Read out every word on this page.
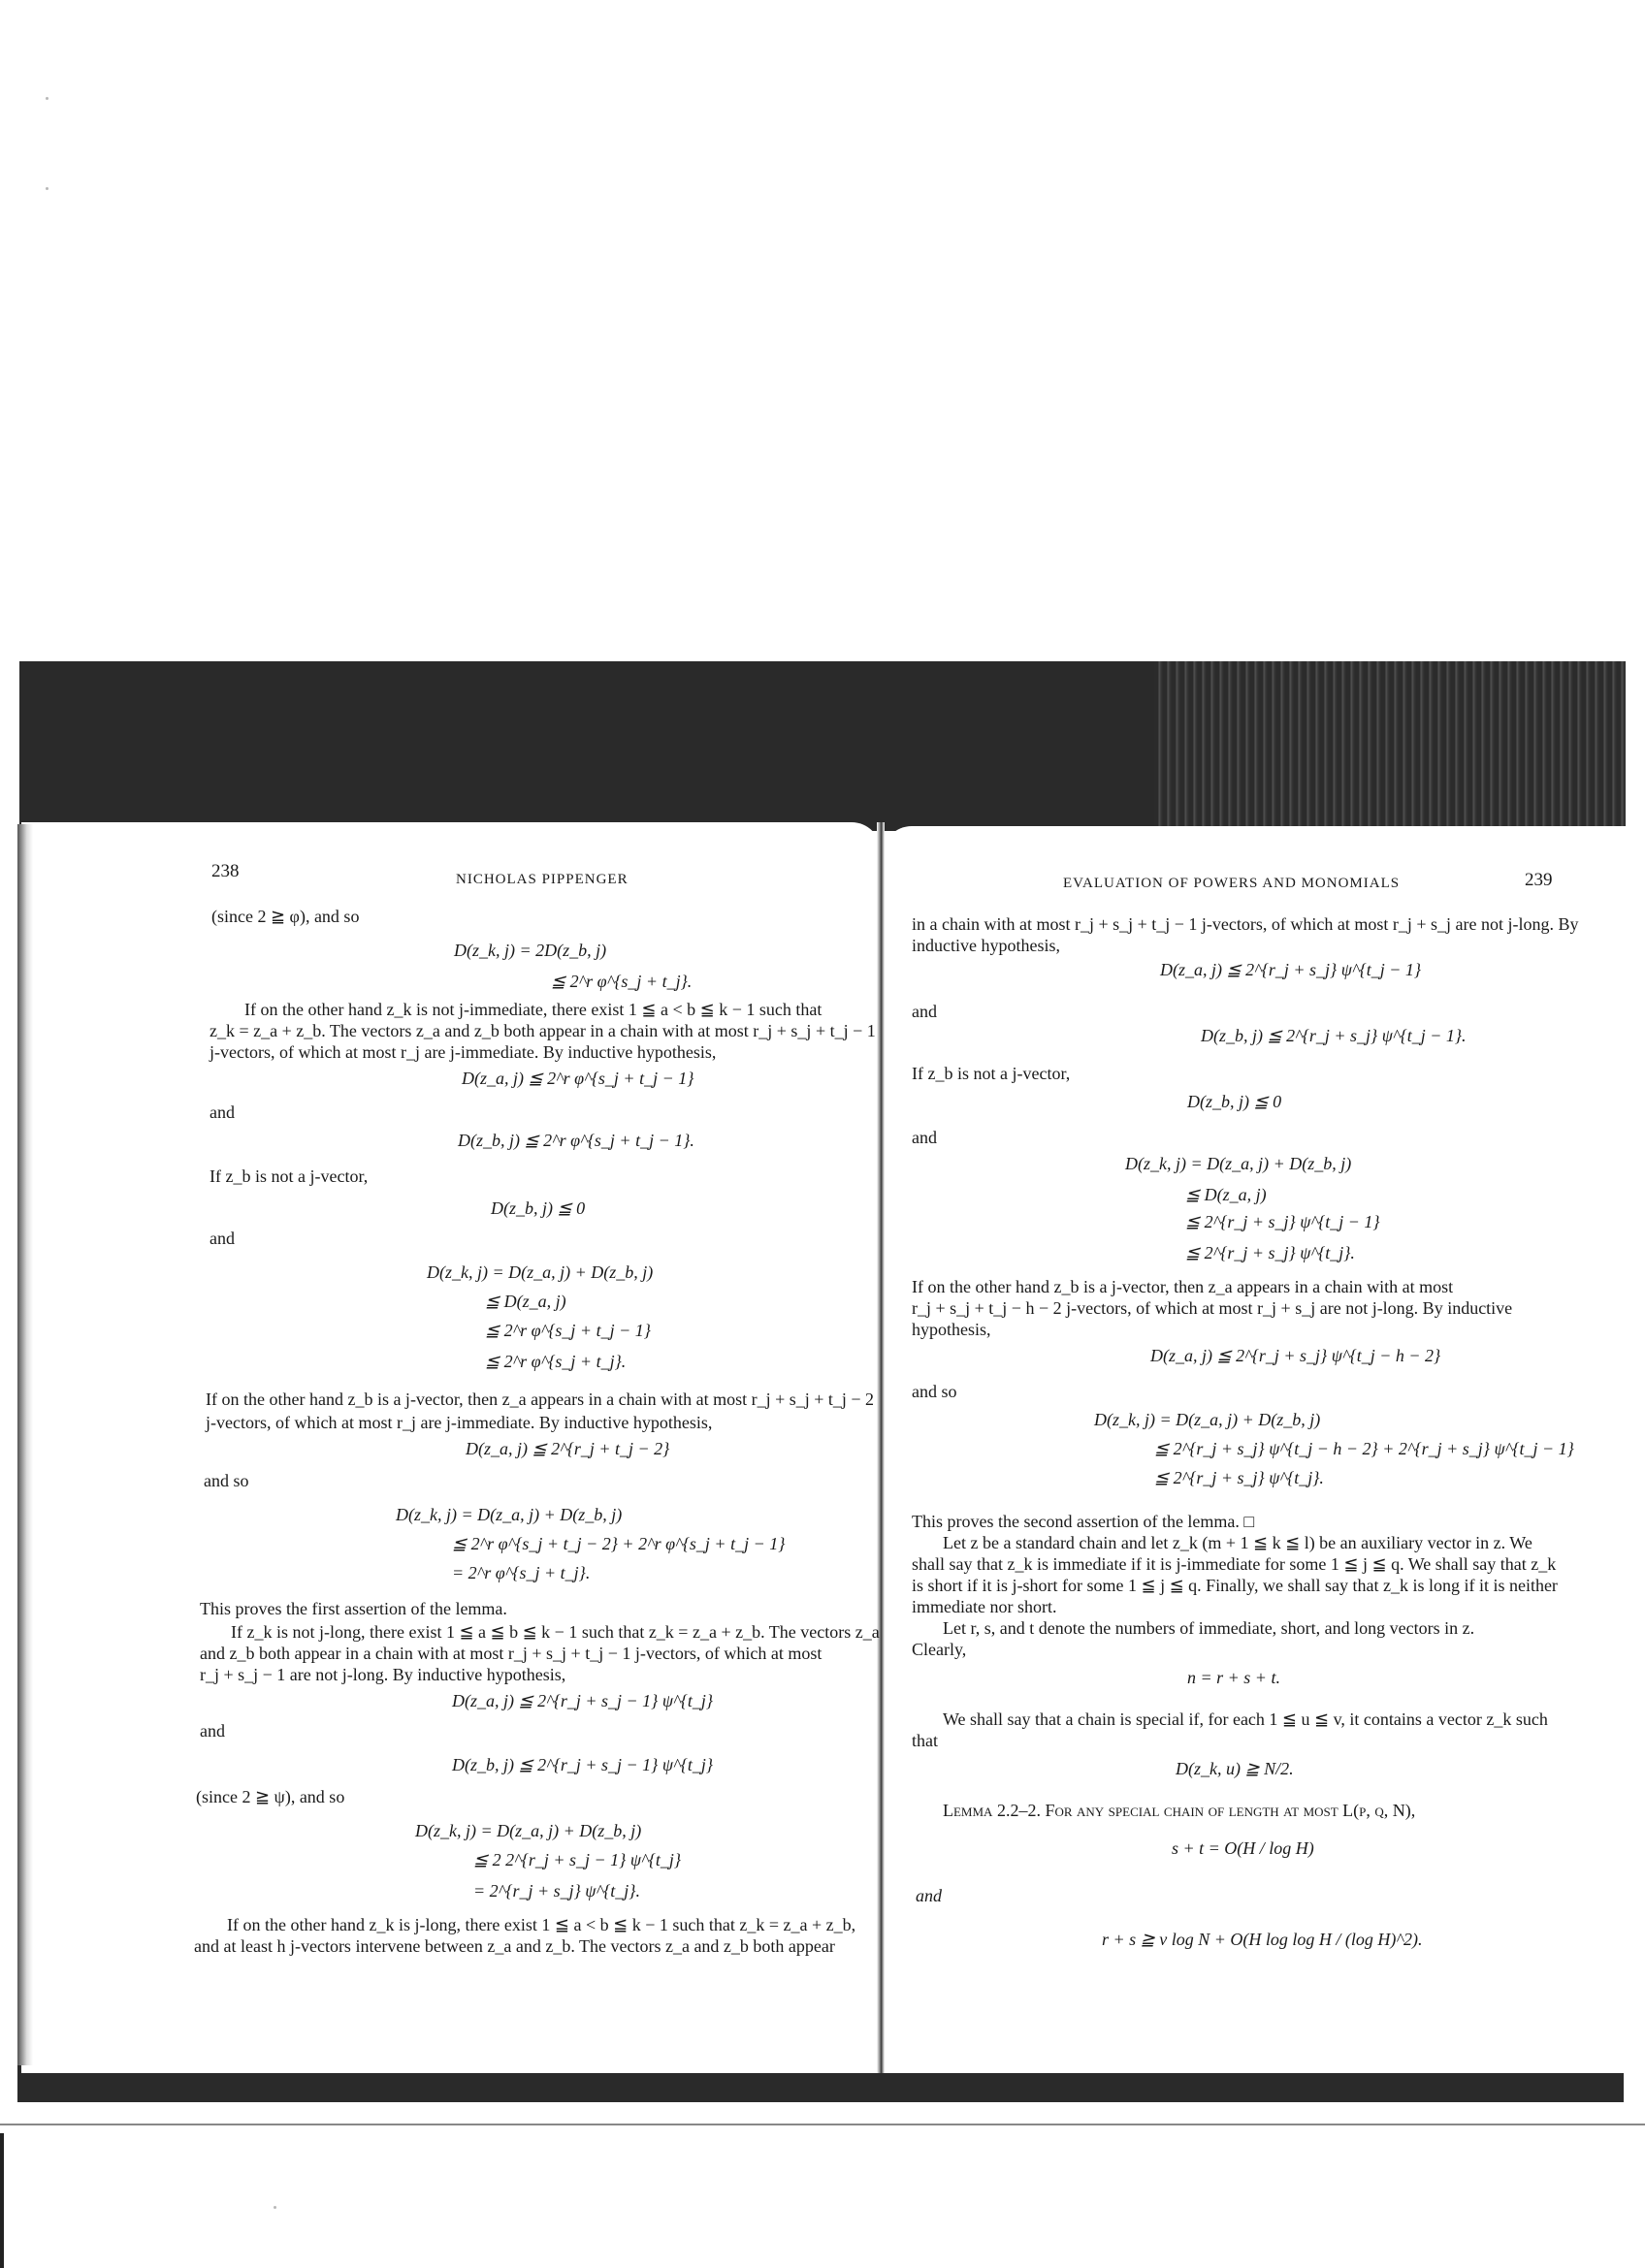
238	NICHOLAS PIPPENGER
(since 2 ≧ φ), and so
D(z_k, j) = 2D(z_b, j)
≦ 2^r φ^{s_j + t_j}.
If on the other hand z_k is not j-immediate, there exist 1 ≦ a < b ≦ k − 1 such that
z_k = z_a + z_b. The vectors z_a and z_b both appear in a chain with at most r_j + s_j + t_j − 1
j-vectors, of which at most r_j are j-immediate. By inductive hypothesis,
D(z_a, j) ≦ 2^r φ^{s_j + t_j − 1}
and
D(z_b, j) ≦ 2^r φ^{s_j + t_j − 1}.
If z_b is not a j-vector,
D(z_b, j) ≦ 0
and
D(z_k, j) = D(z_a, j) + D(z_b, j)
≦ D(z_a, j)
≦ 2^r φ^{s_j + t_j − 1}
≦ 2^r φ^{s_j + t_j}.
If on the other hand z_b is a j-vector, then z_a appears in a chain with at most r_j + s_j + t_j − 2
j-vectors, of which at most r_j are j-immediate. By inductive hypothesis,
D(z_a, j) ≦ 2^{r_j + t_j − 2}
and so
D(z_k, j) = D(z_a, j) + D(z_b, j)
≦ 2^r φ^{s_j + t_j − 2} + 2^r φ^{s_j + t_j − 1}
= 2^r φ^{s_j + t_j}.
This proves the first assertion of the lemma.
If z_k is not j-long, there exist 1 ≦ a ≦ b ≦ k − 1 such that z_k = z_a + z_b. The vectors z_a
and z_b both appear in a chain with at most r_j + s_j + t_j − 1 j-vectors, of which at most
r_j + s_j − 1 are not j-long. By inductive hypothesis,
D(z_a, j) ≦ 2^{r_j + s_j − 1} ψ^{t_j}
and
D(z_b, j) ≦ 2^{r_j + s_j − 1} ψ^{t_j}
(since 2 ≧ ψ), and so
D(z_k, j) = D(z_a, j) + D(z_b, j)
≦ 2 2^{r_j + s_j − 1} ψ^{t_j}
= 2^{r_j + s_j} ψ^{t_j}.
If on the other hand z_k is j-long, there exist 1 ≦ a < b ≦ k − 1 such that z_k = z_a + z_b,
and at least h j-vectors intervene between z_a and z_b. The vectors z_a and z_b both appear
EVALUATION OF POWERS AND MONOMIALS	239
in a chain with at most r_j + s_j + t_j − 1 j-vectors, of which at most r_j + s_j are not j-long. By
inductive hypothesis,
D(z_a, j) ≦ 2^{r_j + s_j} ψ^{t_j − 1}
and
D(z_b, j) ≦ 2^{r_j + s_j} ψ^{t_j − 1}.
If z_b is not a j-vector,
D(z_b, j) ≦ 0
and
D(z_k, j) = D(z_a, j) + D(z_b, j)
≦ D(z_a, j)
≦ 2^{r_j + s_j} ψ^{t_j − 1}
≦ 2^{r_j + s_j} ψ^{t_j}.
If on the other hand z_b is a j-vector, then z_a appears in a chain with at most
r_j + s_j + t_j − h − 2 j-vectors, of which at most r_j + s_j are not j-long. By inductive
hypothesis,
D(z_a, j) ≦ 2^{r_j + s_j} ψ^{t_j − h − 2}
and so
D(z_k, j) = D(z_a, j) + D(z_b, j)
≦ 2^{r_j + s_j} ψ^{t_j − h − 2} + 2^{r_j + s_j} ψ^{t_j − 1}
≦ 2^{r_j + s_j} ψ^{t_j}.
This proves the second assertion of the lemma. □
Let z be a standard chain and let z_k (m + 1 ≦ k ≦ l) be an auxiliary vector in z. We
shall say that z_k is immediate if it is j-immediate for some 1 ≦ j ≦ q. We shall say that z_k
is short if it is j-short for some 1 ≦ j ≦ q. Finally, we shall say that z_k is long if it is neither
immediate nor short.
Let r, s, and t denote the numbers of immediate, short, and long vectors in z.
Clearly,
n = r + s + t.
We shall say that a chain is special if, for each 1 ≦ u ≦ v, it contains a vector z_k such
that
D(z_k, u) ≧ N/2.
Lemma 2.2–2. For any special chain of length at most L(p, q, N),
s + t = O(H / log H)
and
r + s ≧ v log N + O(H log log H / (log H)^2).
